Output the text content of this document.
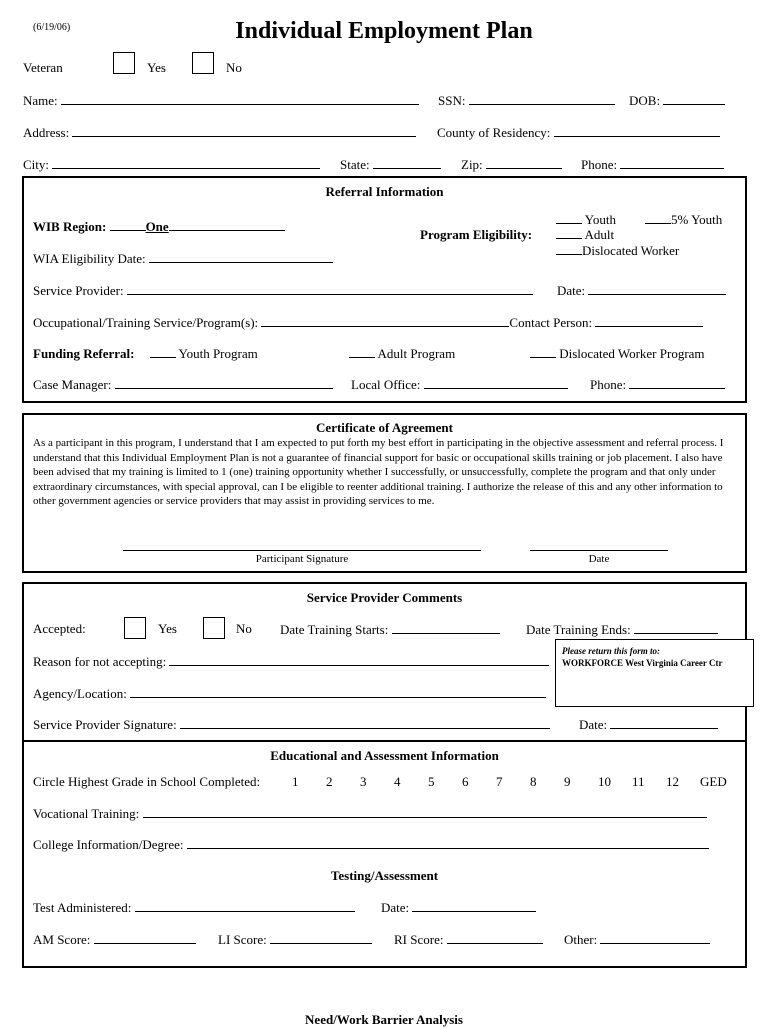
(6/19/06)	Individual Employment Plan
Veteran	Yes	No
Name:	SSN:	DOB:
Address:	County of Residency:
City:	State:	Zip:	Phone:
Referral Information
WIB Region:	One
Program Eligibility:
Youth	5% Youth
Adult
Dislocated Worker
WIA Eligibility Date:
Service Provider:	Date:
Occupational/Training Service/Program(s):	Contact Person:
Funding Referral:	Youth Program	Adult Program	Dislocated Worker Program
Case Manager:	Local Office:	Phone:
Certificate of Agreement
As a participant in this program, I understand that I am expected to put forth my best effort in participating in the objective assessment and referral process. I understand that this Individual Employment Plan is not a guarantee of financial support for basic or occupational skills training or job placement. I also have been advised that my training is limited to 1 (one) training opportunity whether I successfully, or unsuccessfully, complete the program and that only under extraordinary circumstances, with special approval, can I be eligible to reenter additional training. I authorize the release of this and any other information to other government agencies or service providers that may assist in providing services to me.
Participant Signature	Date
Service Provider Comments
Accepted:	Yes	No Date Training Starts:	Date Training Ends:
Reason for not accepting:
Agency/Location:
Service Provider Signature:	Date:
Please return this form to:
WORKFORCE West Virginia Career Ctr
Educational and Assessment Information
Circle Highest Grade in School Completed: 1 2 3 4 5 6 7 8 9 10 11 12 GED
Vocational Training:
College Information/Degree:
Testing/Assessment
Test Administered:	Date:
AM Score:	LI Score:	RI Score:	Other:
Need/Work Barrier Analysis
